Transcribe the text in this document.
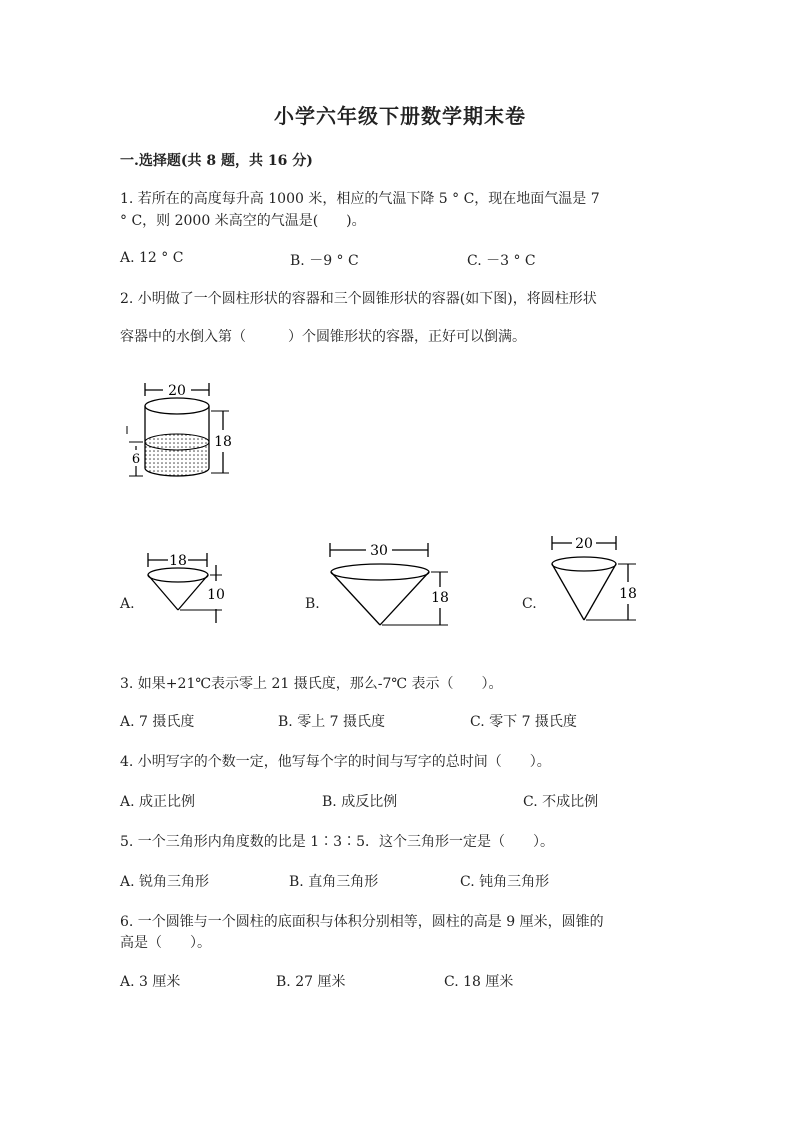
小学六年级下册数学期末卷
一.选择题(共 8 题，共 16 分)
1. 若所在的高度每升高 1000 米，相应的气温下降 5 ° C，现在地面气温是 7
° C，则 2000 米高空的气温是(　　)。
A. 12 ° C	B. －9 ° C	C. －3 ° C
2. 小明做了一个圆柱形状的容器和三个圆锥形状的容器(如下图)，将圆柱形状
容器中的水倒入第（　　　）个圆锥形状的容器，正好可以倒满。
20
18
6
A.
18
10
B.
30
18	C.
20
18
3. 如果+21℃表示零上 21 摄氏度，那么-7℃ 表示（　　）。
A. 7 摄氏度	B. 零上 7 摄氏度	C. 零下 7 摄氏度
4. 小明写字的个数一定，他写每个字的时间与写字的总时间（　　）。
A. 成正比例	B. 成反比例	C. 不成比例
5. 一个三角形内角度数的比是 1∶3∶5．这个三角形一定是（　　）。
A. 锐角三角形	B. 直角三角形	C. 钝角三角形
6. 一个圆锥与一个圆柱的底面积与体积分别相等，圆柱的高是 9 厘米，圆锥的
高是（　　）。
A. 3 厘米	B. 27 厘米	C. 18 厘米
